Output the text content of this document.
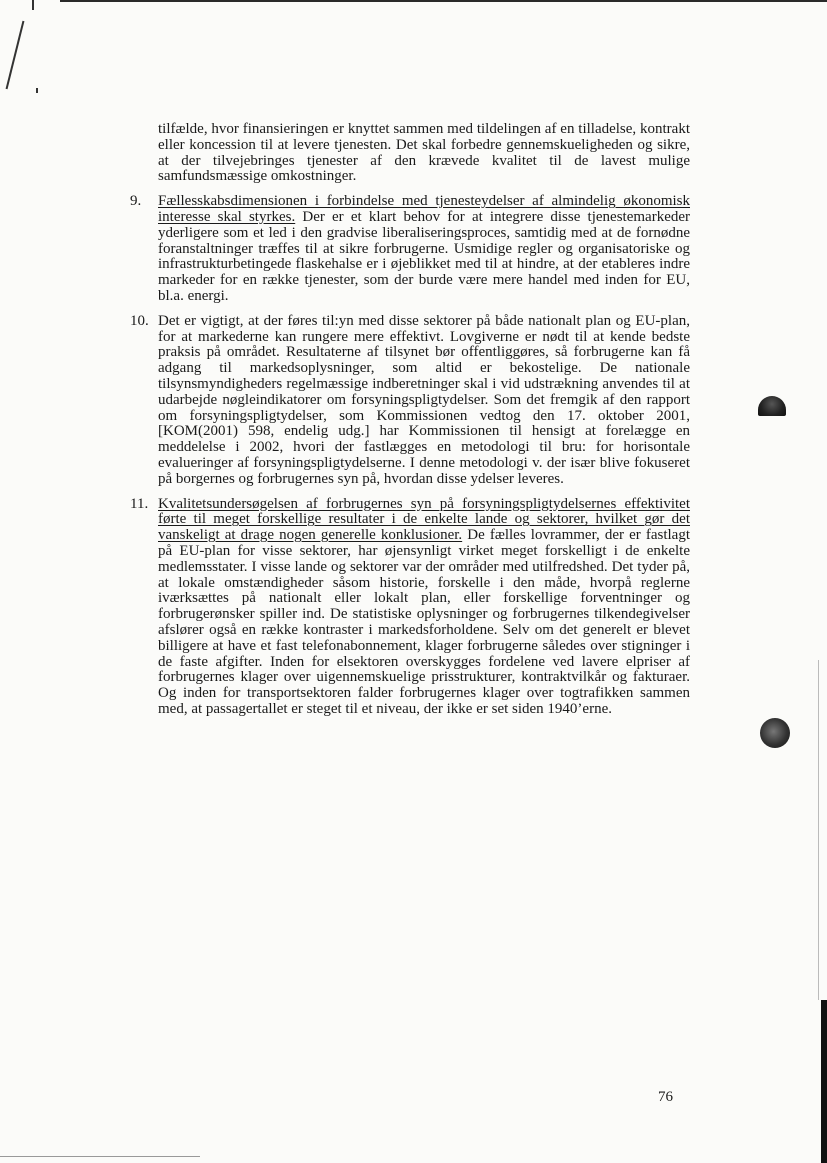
tilfælde, hvor finansieringen er knyttet sammen med tildelingen af en tilladelse, kontrakt eller koncession til at levere tjenesten. Det skal forbedre gennemskueligheden og sikre, at der tilvejebringes tjenester af den krævede kvalitet til de lavest mulige samfundsmæssige omkostninger.

9.	Fællesskabsdimensionen i forbindelse med tjenesteydelser af almindelig økonomisk interesse skal styrkes. Der er et klart behov for at integrere disse tjenestemarkeder yderligere som et led i den gradvise liberaliseringsproces, samtidig med at de fornødne foranstaltninger træffes til at sikre forbrugerne. Usmidige regler og organisatoriske og infrastrukturbetingede flaskehalse er i øjeblikket med til at hindre, at der etableres indre markeder for en række tjenester, som der burde være mere handel med inden for EU, bl.a. energi.
10. Det er vigtigt, at der føres til:yn med disse sektorer på både nationalt plan og EU-plan, for at markederne kan rungere mere effektivt. Lovgiverne er nødt til at kende bedste praksis på området. Resultaterne af tilsynet bør offentliggøres, så forbrugerne kan få adgang til markedsoplysninger, som altid er bekostelige. De nationale tilsynsmyndigheders regelmæssige indberetninger skal i vid udstrækning anvendes til at udarbejde nøgleindikatorer om forsyningspligtydelser. Som det fremgik af den rapport om forsyningspligtydelser, som Kommissionen vedtog den 17. oktober 2001, [KOM(2001) 598, endelig udg.] har Kommissionen til hensigt at forelægge en meddelelse i 2002, hvori der fastlægges en metodologi til bru: for horisontale evalueringer af forsyningspligtydelserne. I denne metodologi v. der især blive fokuseret på borgernes og forbrugernes syn på, hvordan disse ydelser leveres.
11. Kvalitetsundersøgelsen af forbrugernes syn på forsyningspligtydelsernes effektivitet førte til meget forskellige resultater i de enkelte lande og sektorer, hvilket gør det vanskeligt at drage nogen generelle konklusioner. De fælles lovrammer, der er fastlagt på EU-plan for visse sektorer, har øjensynligt virket meget forskelligt i de enkelte medlemsstater. I visse lande og sektorer var der områder med utilfredshed. Det tyder på, at lokale omstændigheder såsom historie, forskelle i den måde, hvorpå reglerne iværksættes på nationalt eller lokalt plan, eller forskellige forventninger og forbrugerønsker spiller ind. De statistiske oplysninger og forbrugernes tilkendegivelser afslører også en række kontraster i markedsforholdene. Selv om det generelt er blevet billigere at have et fast telefonabonnement, klager forbrugerne således over stigninger i de faste afgifter. Inden for elsektoren overskygges fordelene ved lavere elpriser af forbrugernes klager over uigennemskuelige prisstrukturer, kontraktvilkår og fakturaer. Og inden for transportsektoren falder forbrugernes klager over togtrafikken sammen med, at passagertallet er steget til et niveau, der ikke er set siden 1940’erne.
76
